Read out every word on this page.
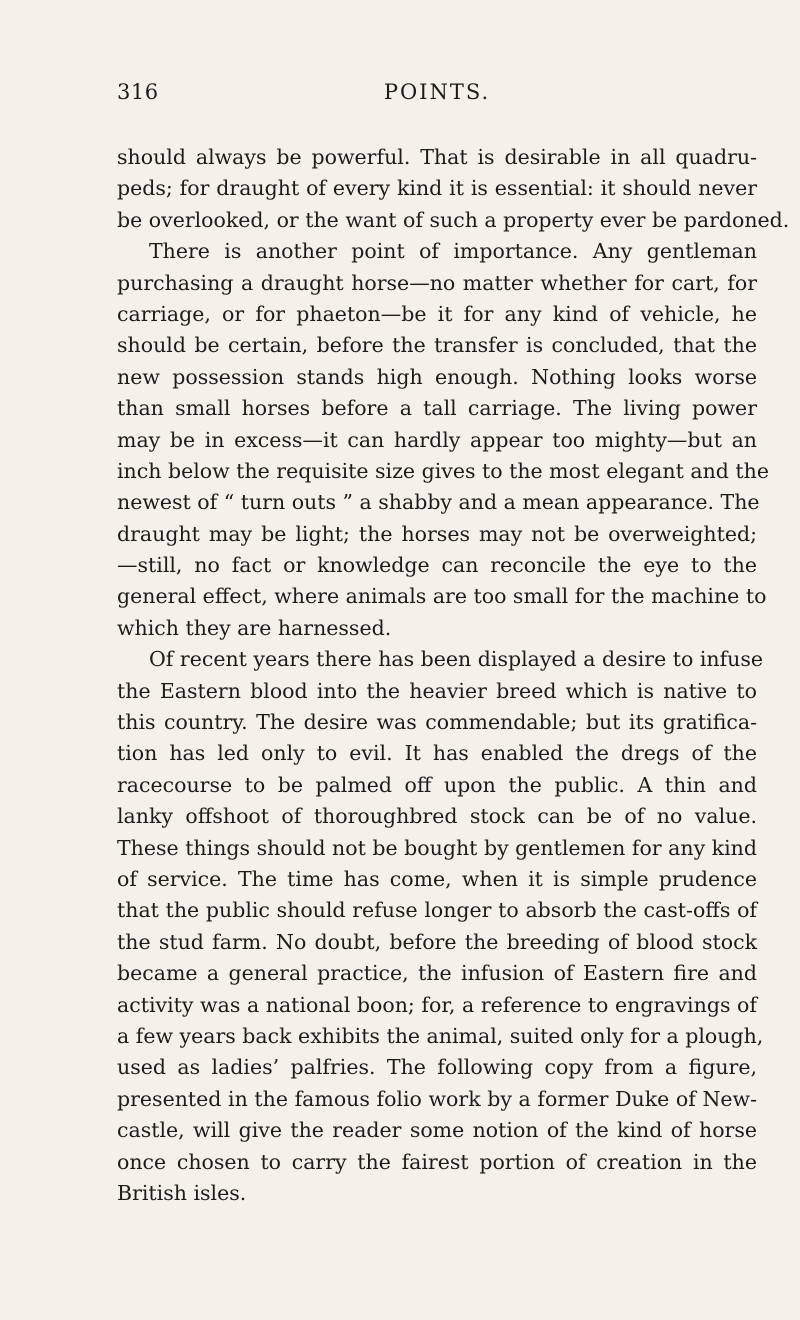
316	POINTS.
should always be powerful. That is desirable in all quadru-
peds; for draught of every kind it is essential: it should never
be overlooked, or the want of such a property ever be pardoned.
There is another point of importance. Any gentleman
purchasing a draught horse—no matter whether for cart, for
carriage, or for phaeton—be it for any kind of vehicle, he
should be certain, before the transfer is concluded, that the
new possession stands high enough. Nothing looks worse
than small horses before a tall carriage. The living power
may be in excess—it can hardly appear too mighty—but an
inch below the requisite size gives to the most elegant and the
newest of “ turn outs ” a shabby and a mean appearance. The
draught may be light; the horses may not be overweighted;
—still, no fact or knowledge can reconcile the eye to the
general effect, where animals are too small for the machine to
which they are harnessed.
Of recent years there has been displayed a desire to infuse
the Eastern blood into the heavier breed which is native to
this country. The desire was commendable; but its gratifica-
tion has led only to evil. It has enabled the dregs of the
racecourse to be palmed off upon the public. A thin and
lanky offshoot of thoroughbred stock can be of no value.
These things should not be bought by gentlemen for any kind
of service. The time has come, when it is simple prudence
that the public should refuse longer to absorb the cast-offs of
the stud farm. No doubt, before the breeding of blood stock
became a general practice, the infusion of Eastern fire and
activity was a national boon; for, a reference to engravings of
a few years back exhibits the animal, suited only for a plough,
used as ladies’ palfries. The following copy from a figure,
presented in the famous folio work by a former Duke of New-
castle, will give the reader some notion of the kind of horse
once chosen to carry the fairest portion of creation in the
British isles.
